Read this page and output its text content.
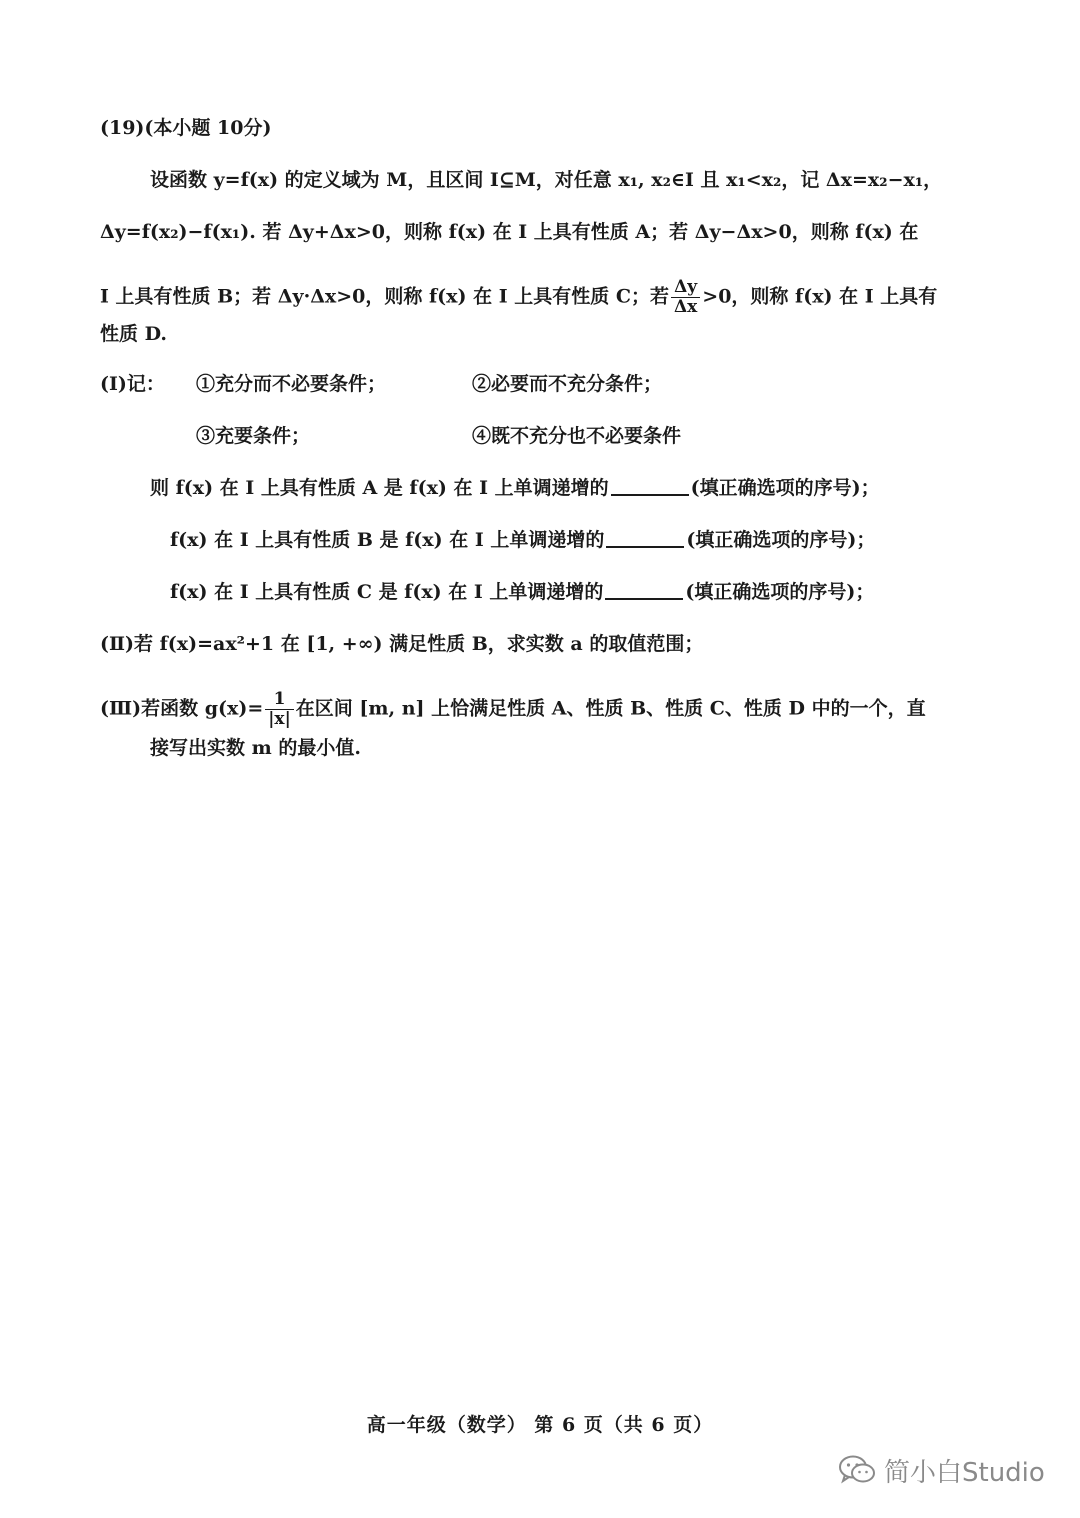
(19)(本小题 10分)
设函数 y=f(x) 的定义域为 M，且区间 I⊆M，对任意 x₁, x₂∈I 且 x₁<x₂，记 Δx=x₂−x₁，
Δy=f(x₂)−f(x₁). 若 Δy+Δx>0，则称 f(x) 在 I 上具有性质 A；若 Δy−Δx>0，则称 f(x) 在
I 上具有性质 B；若 Δy·Δx>0，则称 f(x) 在 I 上具有性质 C；若 $\frac{\Delta y}{\Delta x} >0$，则称 f(x) 在 I 上具有
性质 D.
(Ⅰ)记： ①充分而不必要条件；	②必要而不充分条件；
③充要条件；	④既不充分也不必要条件
则 f(x) 在 I 上具有性质 A 是 f(x) 在 I 上单调递增的	(填正确选项的序号)；
f(x) 在 I 上具有性质 B 是 f(x) 在 I 上单调递增的	(填正确选项的序号)；
f(x) 在 I 上具有性质 C 是 f(x) 在 I 上单调递增的	(填正确选项的序号)；
(Ⅱ)若 f(x)=ax²+1 在 [1, +∞) 满足性质 B，求实数 a 的取值范围；
(Ⅲ)若函数 $g(x)= \frac{1}{|x|}$ 在区间 [m, n] 上恰满足性质 A、性质 B、性质 C、性质 D 中的一个，直
接写出实数 m 的最小值.
高一年级（数学） 第 6 页（共 6 页）
简小白Studio
